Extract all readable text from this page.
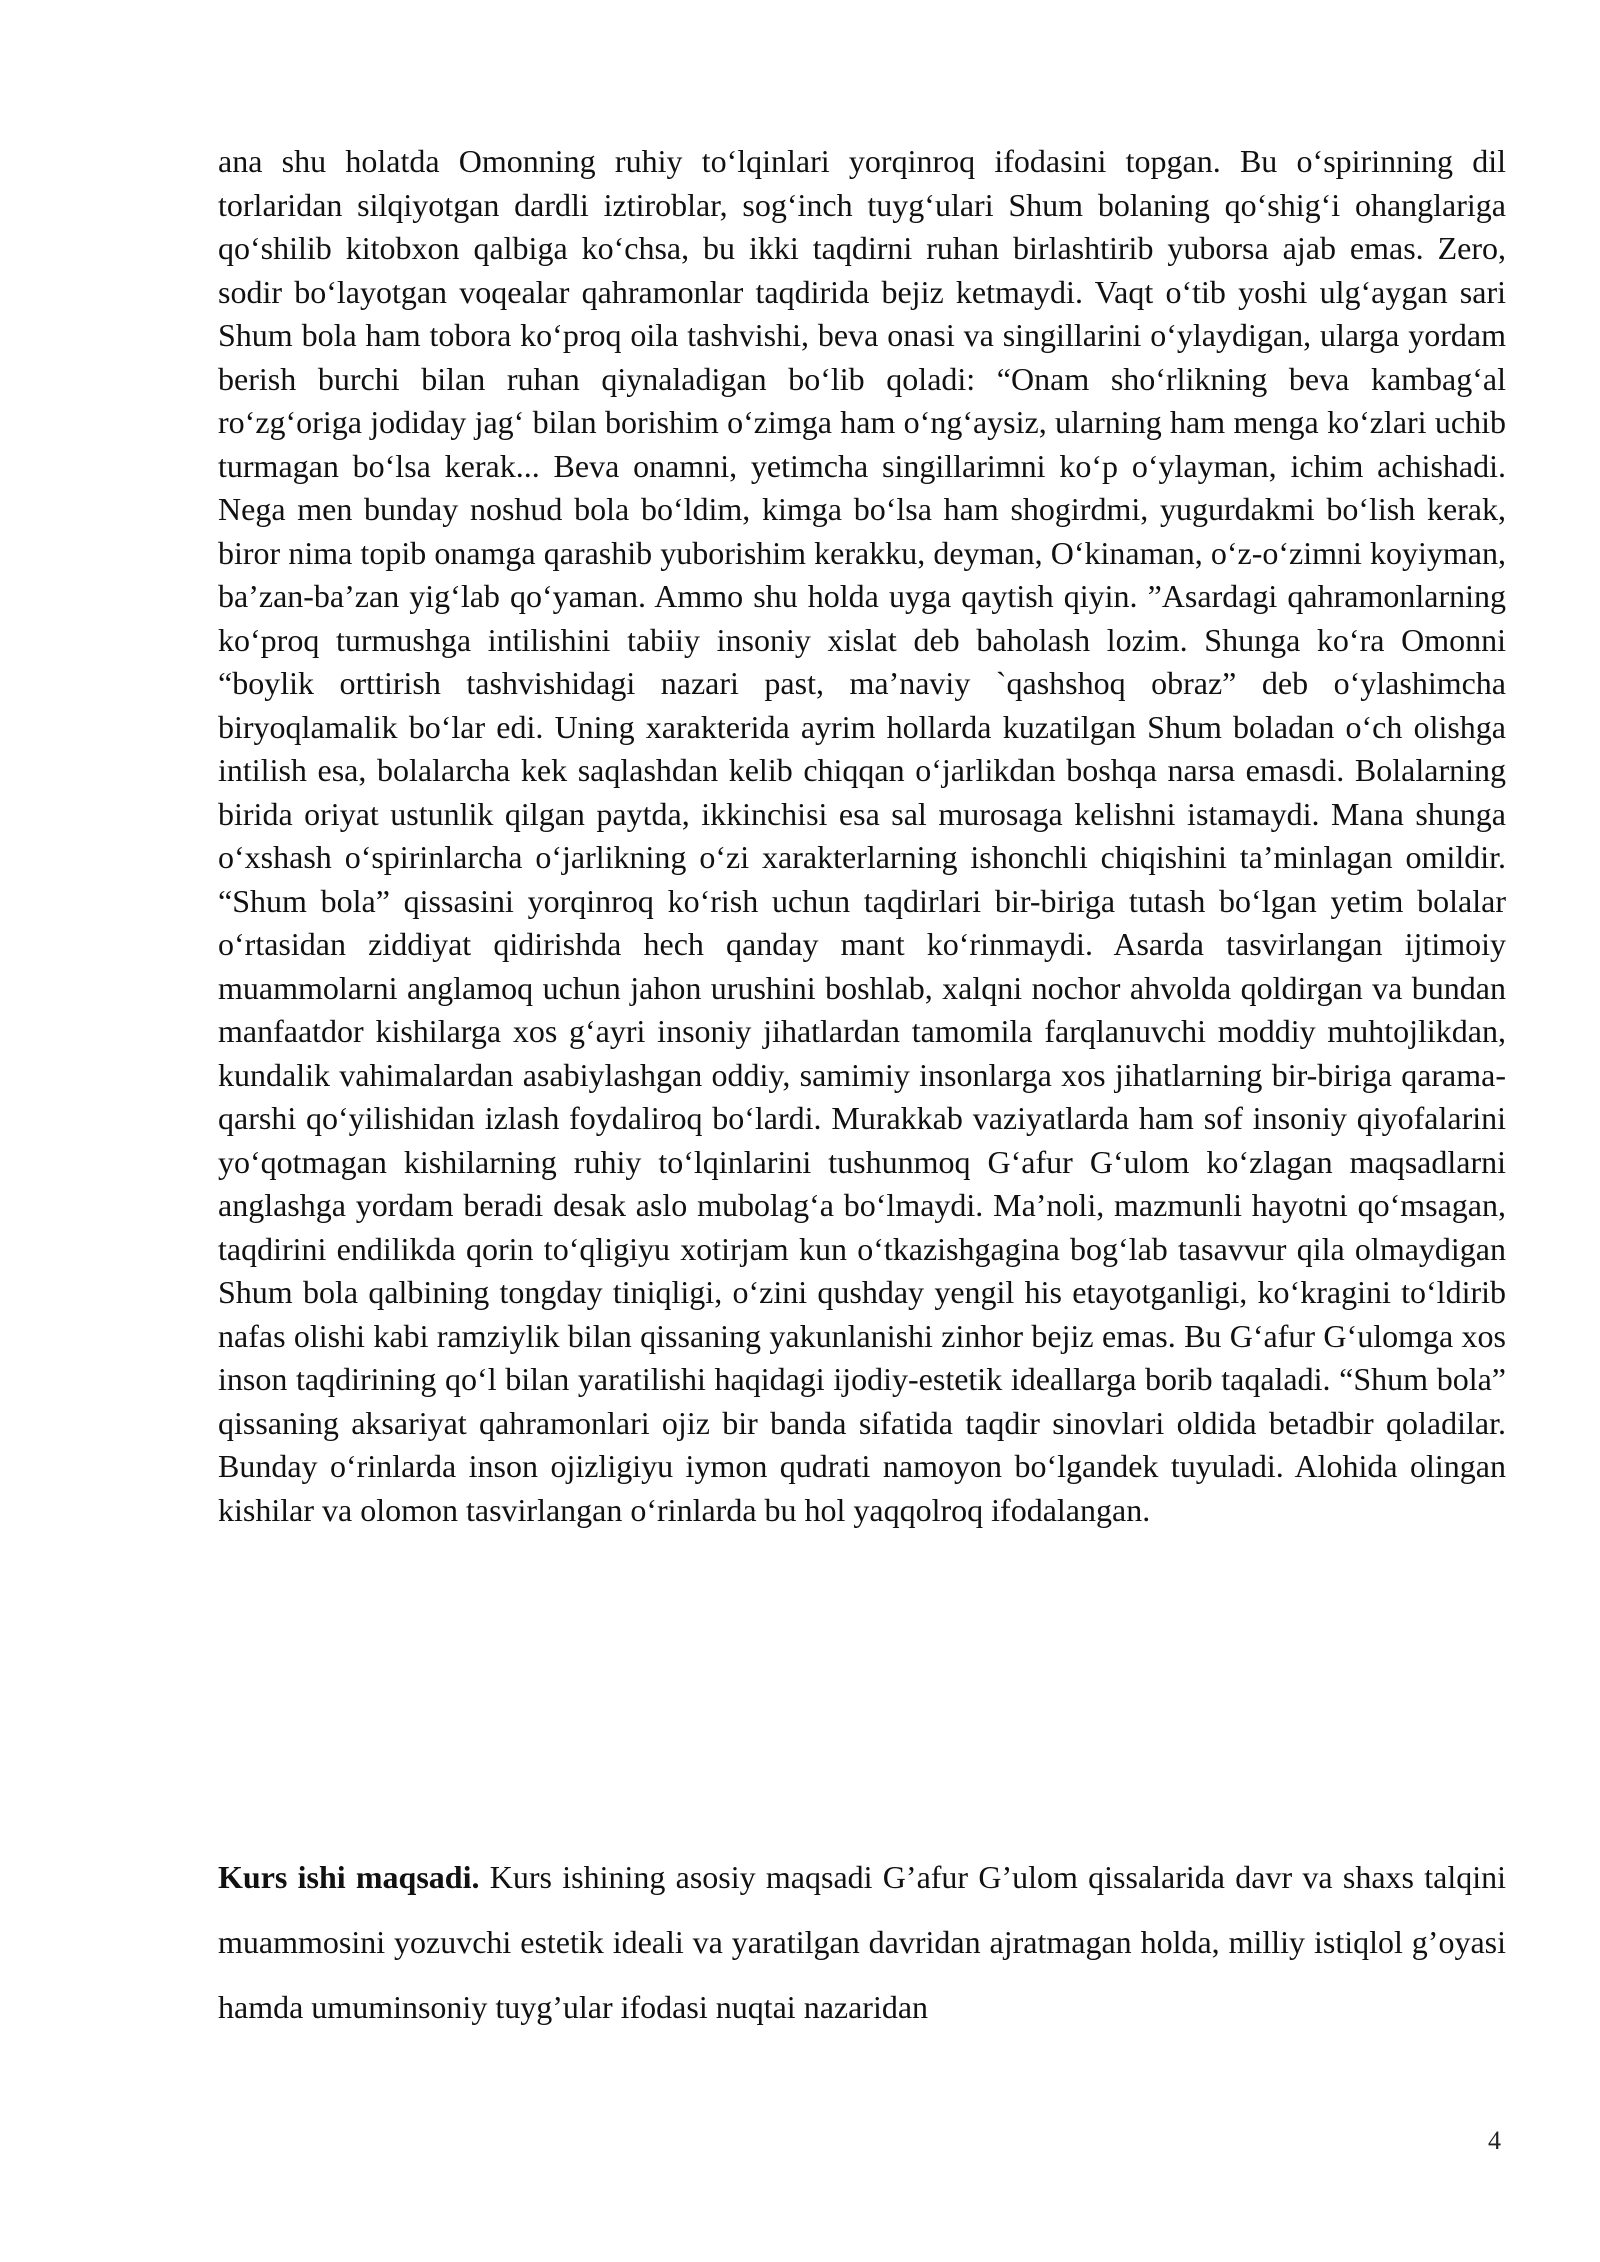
ana shu holatda Omonning ruhiy to‘lqinlari yorqinroq ifodasini topgan. Bu o‘spirinning dil torlaridan silqiyotgan dardli iztiroblar, sog‘inch tuyg‘ulari Shum bolaning qo‘shig‘i ohanglariga qo‘shilib kitobxon qalbiga ko‘chsa, bu ikki taqdirni ruhan birlashtirib yuborsa ajab emas. Zero, sodir bo‘layotgan voqealar qahramonlar taqdirida bejiz ketmaydi. Vaqt o‘tib yoshi ulg‘aygan sari Shum bola ham tobora ko‘proq oila tashvishi, beva onasi va singillarini o‘ylaydigan, ularga yordam berish burchi bilan ruhan qiynaladigan bo‘lib qoladi: “Onam sho‘rlikning beva kambag‘al ro‘zg‘origa jodiday jag‘ bilan borishim o‘zimga ham o‘ng‘aysiz, ularning ham menga ko‘zlari uchib turmagan bo‘lsa kerak... Beva onamni, yetimcha singillarimni ko‘p o‘ylayman, ichim achishadi. Nega men bunday noshud bola bo‘ldim, kimga bo‘lsa ham shogirdmi, yugurdakmi bo‘lish kerak, biror nima topib onamga qarashib yuborishim kerakku, deyman, O‘kinaman, o‘z-o‘zimni koyiyman, ba’zan-ba’zan yig‘lab qo‘yaman. Ammo shu holda uyga qaytish qiyin. ”Asardagi qahramonlarning ko‘proq turmushga intilishini tabiiy insoniy xislat deb baholash lozim. Shunga ko‘ra Omonni “boylik orttirish tashvishidagi nazari past, ma’naviy `qashshoq obraz” deb o‘ylashimcha biryoqlamalik bo‘lar edi. Uning xarakterida ayrim hollarda kuzatilgan Shum boladan o‘ch olishga intilish esa, bolalarcha kek saqlashdan kelib chiqqan o‘jarlikdan boshqa narsa emasdi. Bolalarning birida oriyat ustunlik qilgan paytda, ikkinchisi esa sal murosaga kelishni istamaydi. Mana shunga o‘xshash o‘spirinlarcha o‘jarlikning o‘zi xarakterlarning ishonchli chiqishini ta’minlagan omildir. “Shum bola” qissasini yorqinroq ko‘rish uchun taqdirlari bir-biriga tutash bo‘lgan yetim bolalar o‘rtasidan ziddiyat qidirishda hech qanday mant ko‘rinmaydi. Asarda tasvirlangan ijtimoiy muammolarni anglamoq uchun jahon urushini boshlab, xalqni nochor ahvolda qoldirgan va bundan manfaatdor kishilarga xos g‘ayri insoniy jihatlardan tamomila farqlanuvchi moddiy muhtojlikdan, kundalik vahimalardan asabiylashgan oddiy, samimiy insonlarga xos jihatlarning bir-biriga qarama-qarshi qo‘yilishidan izlash foydaliroq bo‘lardi. Murakkab vaziyatlarda ham sof insoniy qiyofalarini yo‘qotmagan kishilarning ruhiy to‘lqinlarini tushunmoq G‘afur G‘ulom ko‘zlagan maqsadlarni anglashga yordam beradi desak aslo mubolag‘a bo‘lmaydi. Ma’noli, mazmunli hayotni qo‘msagan, taqdirini endilikda qorin to‘qligiyu xotirjam kun o‘tkazishgagina bog‘lab tasavvur qila olmaydigan Shum bola qalbining tongday tiniqligi, o‘zini qushday yengil his etayotganligi, ko‘kragini to‘ldirib nafas olishi kabi ramziylik bilan qissaning yakunlanishi zinhor bejiz emas. Bu G‘afur G‘ulomga xos inson taqdirining qo‘l bilan yaratilishi haqidagi ijodiy-estetik ideallarga borib taqaladi. “Shum bola” qissaning aksariyat qahramonlari ojiz bir banda sifatida taqdir sinovlari oldida betadbir qoladilar. Bunday o‘rinlarda inson ojizligiyu iymon qudrati namoyon bo‘lgandek tuyuladi. Alohida olingan kishilar va olomon tasvirlangan o‘rinlarda bu hol yaqqolroq ifodalangan.

Kurs ishi maqsadi. Kurs ishining asosiy maqsadi G’afur G’ulom qissalarida davr va shaxs talqini muammosini yozuvchi estetik ideali va yaratilgan davridan ajratmagan holda, milliy istiqlol g’oyasi hamda umuminsoniy tuyg’ular ifodasi nuqtai nazaridan

4
